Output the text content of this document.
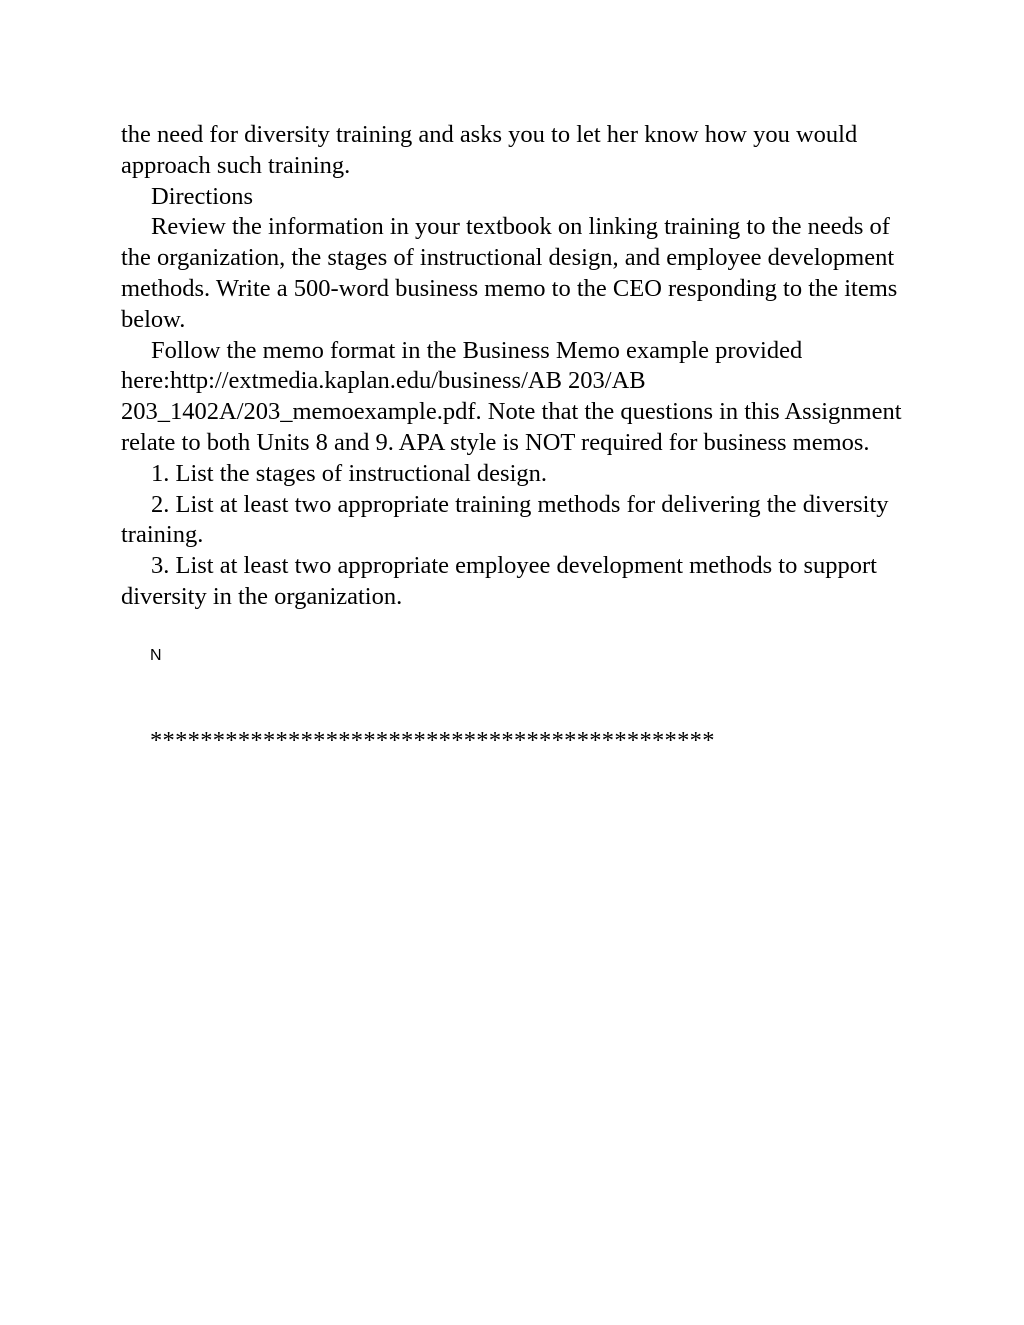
the need for diversity training and asks you to let her know how you would approach such training.

Directions

Review the information in your textbook on linking training to the needs of the organization, the stages of instructional design, and employee development methods. Write a 500-word business memo to the CEO responding to the items below.

Follow the memo format in the Business Memo example provided here:http://extmedia.kaplan.edu/business/AB 203/AB 203_1402A/203_memoexample.pdf. Note that the questions in this Assignment relate to both Units 8 and 9. APA style is NOT required for business memos.

1. List the stages of instructional design.

2. List at least two appropriate training methods for delivering the diversity training.

3. List at least two appropriate employee development methods to support diversity in the organization.

N
*********************************************
